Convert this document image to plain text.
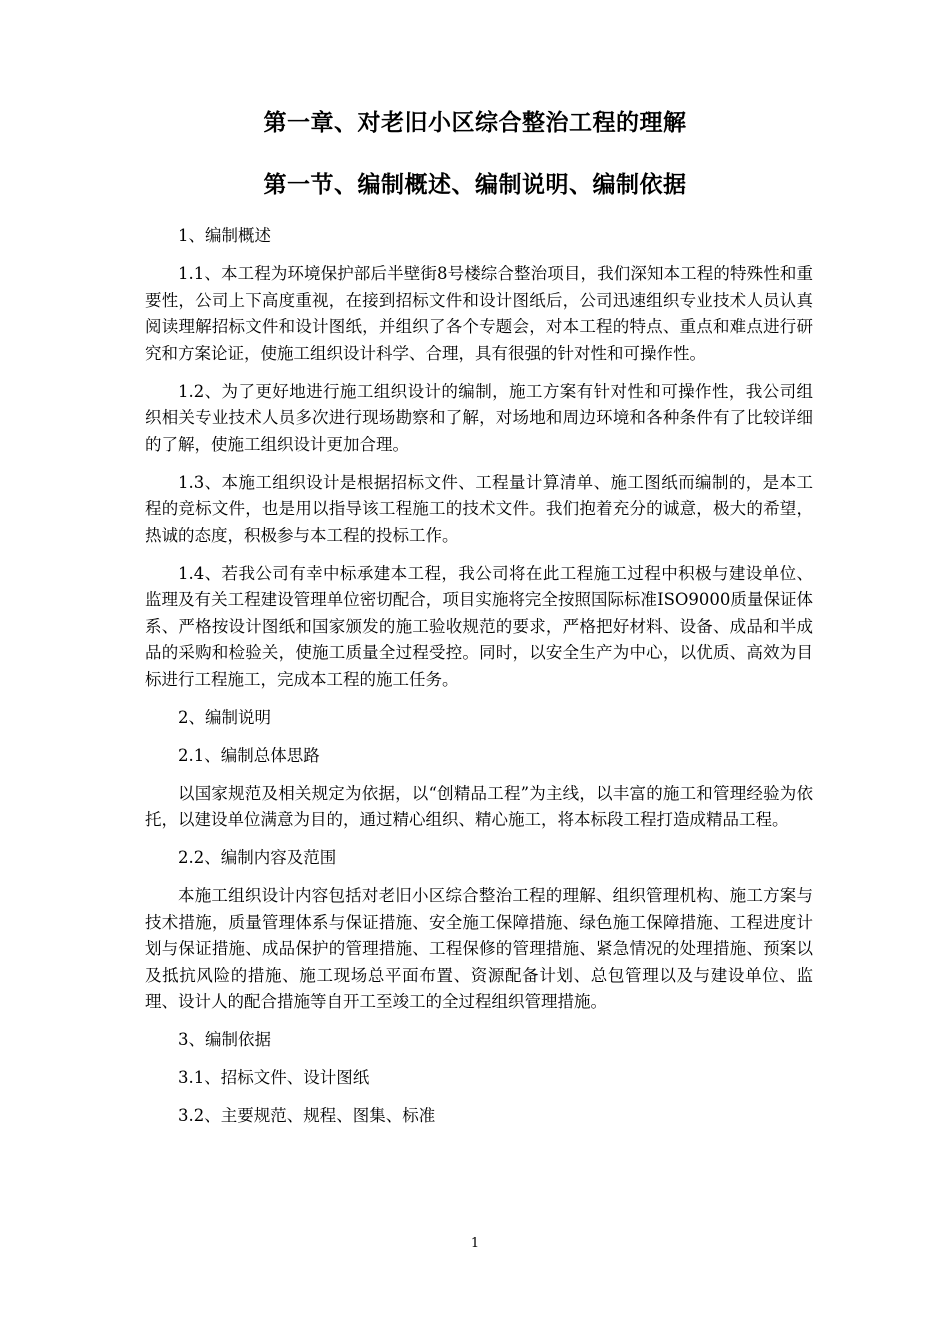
第一章、对老旧小区综合整治工程的理解
第一节、编制概述、编制说明、编制依据

1、编制概述

1.1、本工程为环境保护部后半壁街8号楼综合整治项目，我们深知本工程的特殊性和重要性，公司上下高度重视，在接到招标文件和设计图纸后，公司迅速组织专业技术人员认真阅读理解招标文件和设计图纸，并组织了各个专题会，对本工程的特点、重点和难点进行研究和方案论证，使施工组织设计科学、合理，具有很强的针对性和可操作性。

1.2、为了更好地进行施工组织设计的编制，施工方案有针对性和可操作性，我公司组织相关专业技术人员多次进行现场勘察和了解，对场地和周边环境和各种条件有了比较详细的了解，使施工组织设计更加合理。

1.3、本施工组织设计是根据招标文件、工程量计算清单、施工图纸而编制的，是本工程的竞标文件，也是用以指导该工程施工的技术文件。我们抱着充分的诚意，极大的希望，热诚的态度，积极参与本工程的投标工作。

1.4、若我公司有幸中标承建本工程，我公司将在此工程施工过程中积极与建设单位、监理及有关工程建设管理单位密切配合，项目实施将完全按照国际标准ISO9000质量保证体系、严格按设计图纸和国家颁发的施工验收规范的要求，严格把好材料、设备、成品和半成品的采购和检验关，使施工质量全过程受控。同时，以安全生产为中心，以优质、高效为目标进行工程施工，完成本工程的施工任务。

2、编制说明

2.1、编制总体思路

以国家规范及相关规定为依据，以“创精品工程”为主线，以丰富的施工和管理经验为依托，以建设单位满意为目的，通过精心组织、精心施工，将本标段工程打造成精品工程。

2.2、编制内容及范围

本施工组织设计内容包括对老旧小区综合整治工程的理解、组织管理机构、施工方案与技术措施，质量管理体系与保证措施、安全施工保障措施、绿色施工保障措施、工程进度计划与保证措施、成品保护的管理措施、工程保修的管理措施、紧急情况的处理措施、预案以及抵抗风险的措施、施工现场总平面布置、资源配备计划、总包管理以及与建设单位、监理、设计人的配合措施等自开工至竣工的全过程组织管理措施。

3、编制依据

3.1、招标文件、设计图纸

3.2、主要规范、规程、图集、标准

1
